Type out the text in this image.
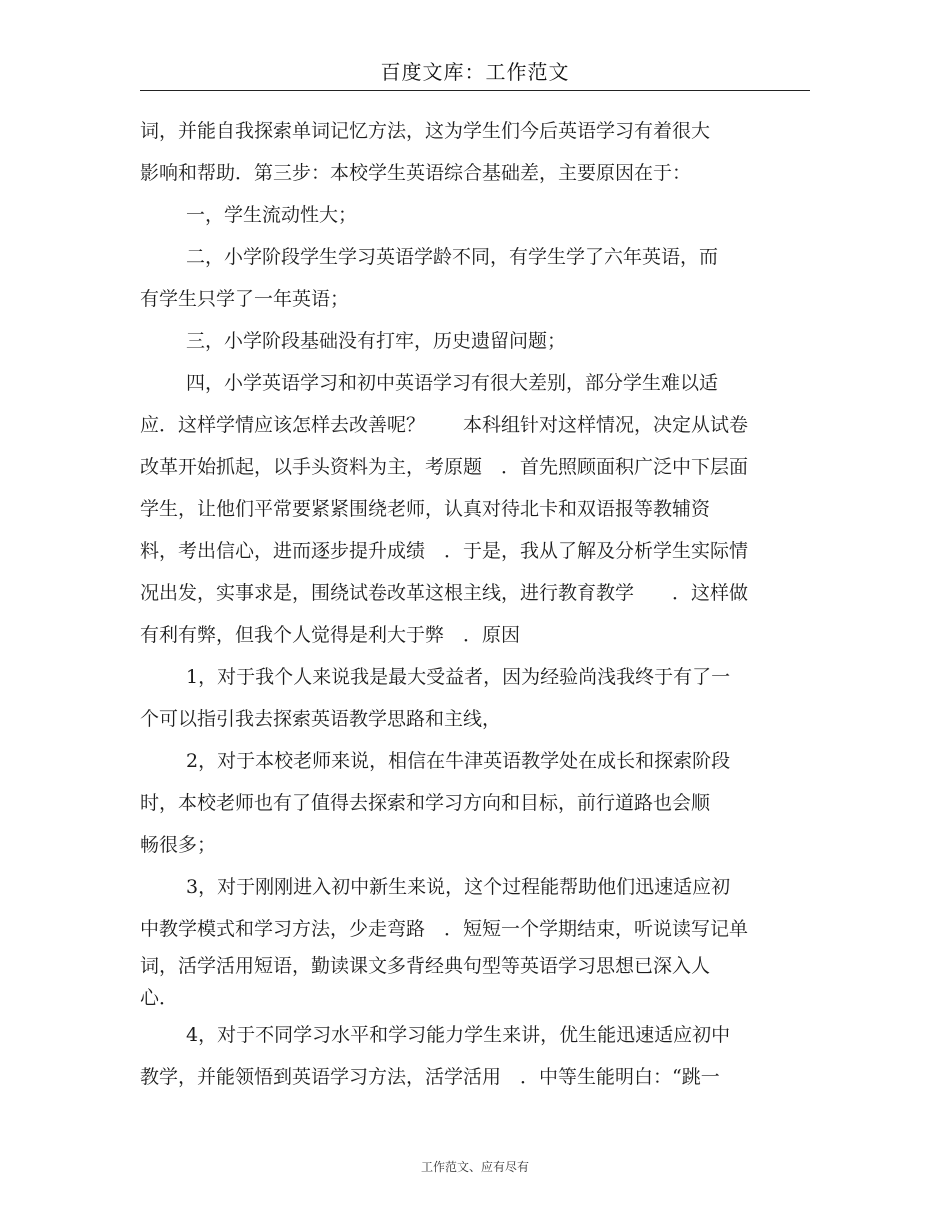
百度文库：工作范文
词，并能自我探索单词记忆方法，这为学生们今后英语学习有着很大
影响和帮助．第三步：本校学生英语综合基础差，主要原因在于：
一，学生流动性大；
二，小学阶段学生学习英语学龄不同，有学生学了六年英语，而
有学生只学了一年英语；
三，小学阶段基础没有打牢，历史遗留问题；
四，小学英语学习和初中英语学习有很大差别，部分学生难以适
应．这样学情应该怎样去改善呢？　　本科组针对这样情况，决定从试卷
改革开始抓起，以手头资料为主，考原题　．首先照顾面积广泛中下层面
学生，让他们平常要紧紧围绕老师，认真对待北卡和双语报等教辅资
料，考出信心，进而逐步提升成绩　．于是，我从了解及分析学生实际情
况出发，实事求是，围绕试卷改革这根主线，进行教育教学　　．这样做
有利有弊，但我个人觉得是利大于弊　．原因
1，对于我个人来说我是最大受益者，因为经验尚浅我终于有了一
个可以指引我去探索英语教学思路和主线，
2，对于本校老师来说，相信在牛津英语教学处在成长和探索阶段
时，本校老师也有了值得去探索和学习方向和目标，前行道路也会顺
畅很多；
3，对于刚刚进入初中新生来说，这个过程能帮助他们迅速适应初
中教学模式和学习方法，少走弯路　．短短一个学期结束，听说读写记单
词，活学活用短语，勤读课文多背经典句型等英语学习思想已深入人
心．
4，对于不同学习水平和学习能力学生来讲，优生能迅速适应初中
教学，并能领悟到英语学习方法，活学活用　．中等生能明白：“跳一
工作范文、应有尽有
